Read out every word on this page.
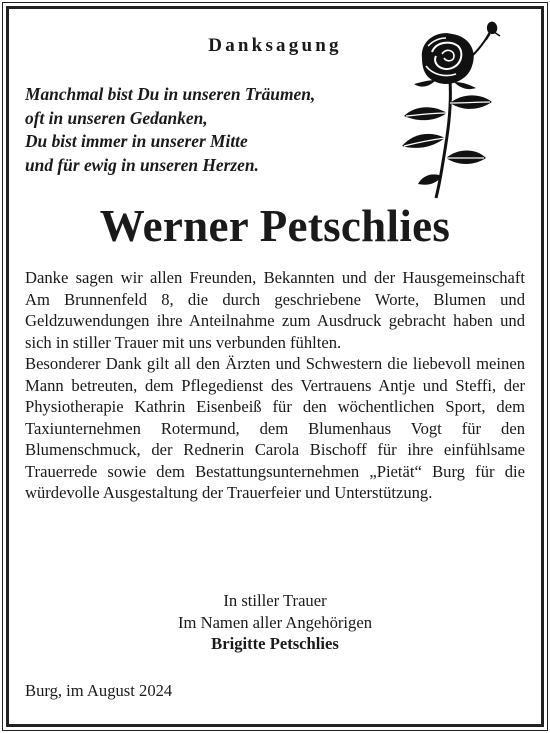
Danksagung
Manchmal bist Du in unseren Träumen,
oft in unseren Gedanken,
Du bist immer in unserer Mitte
und für ewig in unseren Herzen.
Werner Petschlies

Danke sagen wir allen Freunden, Bekannten und der Hausgemeinschaft Am Brunnenfeld 8, die durch geschriebene Worte, Blumen und Geldzuwendungen ihre Anteilnahme zum Ausdruck gebracht haben und sich in stiller Trauer mit uns verbunden fühlten.

Besonderer Dank gilt all den Ärzten und Schwestern die liebevoll meinen Mann betreuten, dem Pflegedienst des Vertrauens Antje und Steffi, der Physiotherapie Kathrin Eisenbeiß für den wöchentlichen Sport, dem Taxiunternehmen Rotermund, dem Blumenhaus Vogt für den Blumenschmuck, der Rednerin Carola Bischoff für ihre einfühlsame Trauerrede sowie dem Bestattungsunternehmen „Pietät“ Burg für die würdevolle Ausgestaltung der Trauerfeier und Unterstützung.

In stiller Trauer
Im Namen aller Angehörigen
Brigitte Petschlies
Burg, im August 2024
